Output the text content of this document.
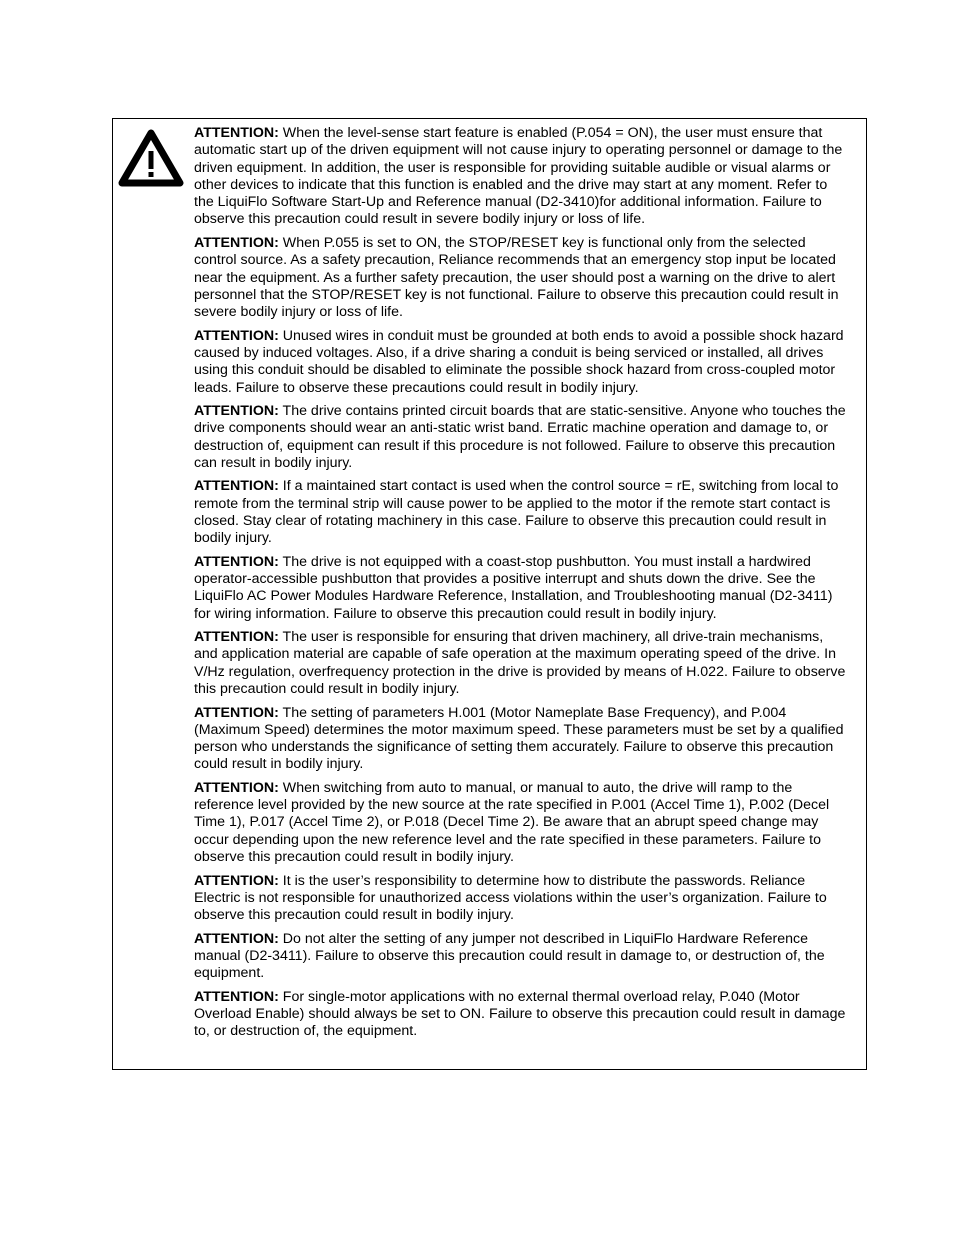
ATTENTION: When the level-sense start feature is enabled (P.054 = ON), the user must ensure that automatic start up of the driven equipment will not cause injury to operating personnel or damage to the driven equipment. In addition, the user is responsible for providing suitable audible or visual alarms or other devices to indicate that this function is enabled and the drive may start at any moment. Refer to the LiquiFlo Software Start-Up and Reference manual (D2-3410)for additional information. Failure to observe this precaution could result in severe bodily injury or loss of life.

ATTENTION: When P.055 is set to ON, the STOP/RESET key is functional only from the selected control source. As a safety precaution, Reliance recommends that an emergency stop input be located near the equipment. As a further safety precaution, the user should post a warning on the drive to alert personnel that the STOP/RESET key is not functional. Failure to observe this precaution could result in severe bodily injury or loss of life.

ATTENTION: Unused wires in conduit must be grounded at both ends to avoid a possible shock hazard caused by induced voltages. Also, if a drive sharing a conduit is being serviced or installed, all drives using this conduit should be disabled to eliminate the possible shock hazard from cross-coupled motor leads. Failure to observe these precautions could result in bodily injury.

ATTENTION: The drive contains printed circuit boards that are static-sensitive. Anyone who touches the drive components should wear an anti-static wrist band. Erratic machine operation and damage to, or destruction of, equipment can result if this procedure is not followed. Failure to observe this precaution can result in bodily injury.

ATTENTION: If a maintained start contact is used when the control source = rE, switching from local to remote from the terminal strip will cause power to be applied to the motor if the remote start contact is closed. Stay clear of rotating machinery in this case. Failure to observe this precaution could result in bodily injury.

ATTENTION: The drive is not equipped with a coast-stop pushbutton. You must install a hardwired operator-accessible pushbutton that provides a positive interrupt and shuts down the drive. See the LiquiFlo AC Power Modules Hardware Reference, Installation, and Troubleshooting manual (D2-3411) for wiring information. Failure to observe this precaution could result in bodily injury.

ATTENTION: The user is responsible for ensuring that driven machinery, all drive-train mechanisms, and application material are capable of safe operation at the maximum operating speed of the drive. In V/Hz regulation, overfrequency protection in the drive is provided by means of H.022. Failure to observe this precaution could result in bodily injury.

ATTENTION: The setting of parameters H.001 (Motor Nameplate Base Frequency), and P.004 (Maximum Speed) determines the motor maximum speed. These parameters must be set by a qualified person who understands the significance of setting them accurately. Failure to observe this precaution could result in bodily injury.

ATTENTION: When switching from auto to manual, or manual to auto, the drive will ramp to the reference level provided by the new source at the rate specified in P.001 (Accel Time 1), P.002 (Decel Time 1), P.017 (Accel Time 2), or P.018 (Decel Time 2). Be aware that an abrupt speed change may occur depending upon the new reference level and the rate specified in these parameters. Failure to observe this precaution could result in bodily injury.

ATTENTION: It is the user’s responsibility to determine how to distribute the passwords. Reliance Electric is not responsible for unauthorized access violations within the user’s organization. Failure to observe this precaution could result in bodily injury.

ATTENTION: Do not alter the setting of any jumper not described in LiquiFlo Hardware Reference manual (D2-3411). Failure to observe this precaution could result in damage to, or destruction of, the equipment.

ATTENTION: For single-motor applications with no external thermal overload relay, P.040 (Motor Overload Enable) should always be set to ON. Failure to observe this precaution could result in damage to, or destruction of, the equipment.
